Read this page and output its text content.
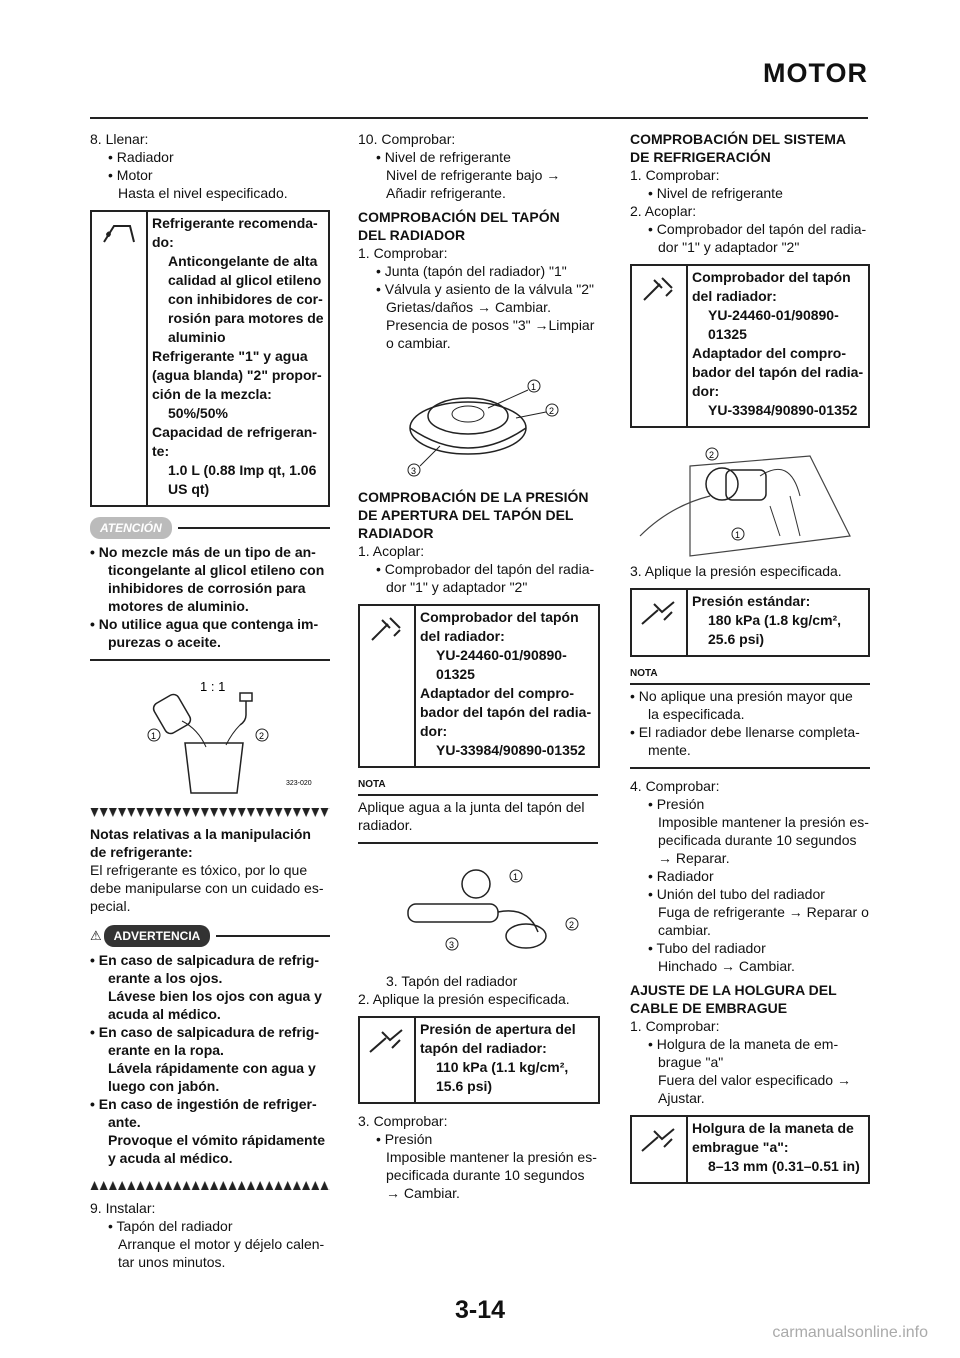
MOTOR
8. Llenar:
• Radiador
• Motor
Hasta el nivel especificado.
Refrigerante recomenda-
do:
Anticongelante de alta
calidad al glicol etileno
con inhibidores de cor-
rosión para motores de
aluminio
Refrigerante "1" y agua
(agua blanda) "2" propor-
ción de la mezcla:
50%/50%
Capacidad de refrigeran-
te:
1.0 L (0.88 Imp qt, 1.06
US qt)
ATENCIÓN
• No mezcle más de un tipo de an-
ticongelante al glicol etileno con
inhibidores de corrosión para
motores de aluminio.
• No utilice agua que contenga im-
purezas o aceite.
1 : 1
1	2
323-020
Notas relativas a la manipulación
de refrigerante:
El refrigerante es tóxico, por lo que
debe manipularse con un cuidado es-
pecial.
⚠	ADVERTENCIA
• En caso de salpicadura de refrig-
erante a los ojos.
Lávese bien los ojos con agua y
acuda al médico.
• En caso de salpicadura de refrig-
erante en la ropa.
Lávela rápidamente con agua y
luego con jabón.
• En caso de ingestión de refriger-
ante.
Provoque el vómito rápidamente
y acuda al médico.
9. Instalar:
• Tapón del radiador
Arranque el motor y déjelo calen-
tar unos minutos.
10. Comprobar:
• Nivel de refrigerante
Nivel de refrigerante bajo →
Añadir refrigerante.
COMPROBACIÓN DEL TAPÓN
DEL RADIADOR
1. Comprobar:
• Junta (tapón del radiador) "1"
• Válvula y asiento de la válvula "2"
Grietas/daños → Cambiar.
Presencia de posos "3" →Limpiar
o cambiar.
1
2
3
COMPROBACIÓN DE LA PRESIÓN
DE APERTURA DEL TAPÓN DEL
RADIADOR
1. Acoplar:
• Comprobador del tapón del radia-
dor "1" y adaptador "2"
Comprobador del tapón
del radiador:
YU-24460-01/90890-
01325
Adaptador del compro-
bador del tapón del radia-
dor:
YU-33984/90890-01352
NOTA
Aplique agua a la junta del tapón del
radiador.
1
2
3
3. Tapón del radiador
2. Aplique la presión especificada.
Presión de apertura del
tapón del radiador:
110 kPa (1.1 kg/cm²,
15.6 psi)
3. Comprobar:
• Presión
Imposible mantener la presión es-
pecificada durante 10 segundos
→ Cambiar.
COMPROBACIÓN DEL SISTEMA
DE REFRIGERACIÓN
1. Comprobar:
• Nivel de refrigerante
2. Acoplar:
• Comprobador del tapón del radia-
dor "1" y adaptador "2"
Comprobador del tapón
del radiador:
YU-24460-01/90890-
01325
Adaptador del compro-
bador del tapón del radia-
dor:
YU-33984/90890-01352
2
1
3. Aplique la presión especificada.
Presión estándar:
180 kPa (1.8 kg/cm²,
25.6 psi)
NOTA
• No aplique una presión mayor que
la especificada.
• El radiador debe llenarse completa-
mente.
4. Comprobar:
• Presión
Imposible mantener la presión es-
pecificada durante 10 segundos
→ Reparar.
• Radiador
• Unión del tubo del radiador
Fuga de refrigerante → Reparar o
cambiar.
• Tubo del radiador
Hinchado → Cambiar.
AJUSTE DE LA HOLGURA DEL
CABLE DE EMBRAGUE
1. Comprobar:
• Holgura de la maneta de em-
brague "a"
Fuera del valor especificado →
Ajustar.
Holgura de la maneta de
embrague "a":
8–13 mm (0.31–0.51 in)
3-14
carmanualsonline.info
